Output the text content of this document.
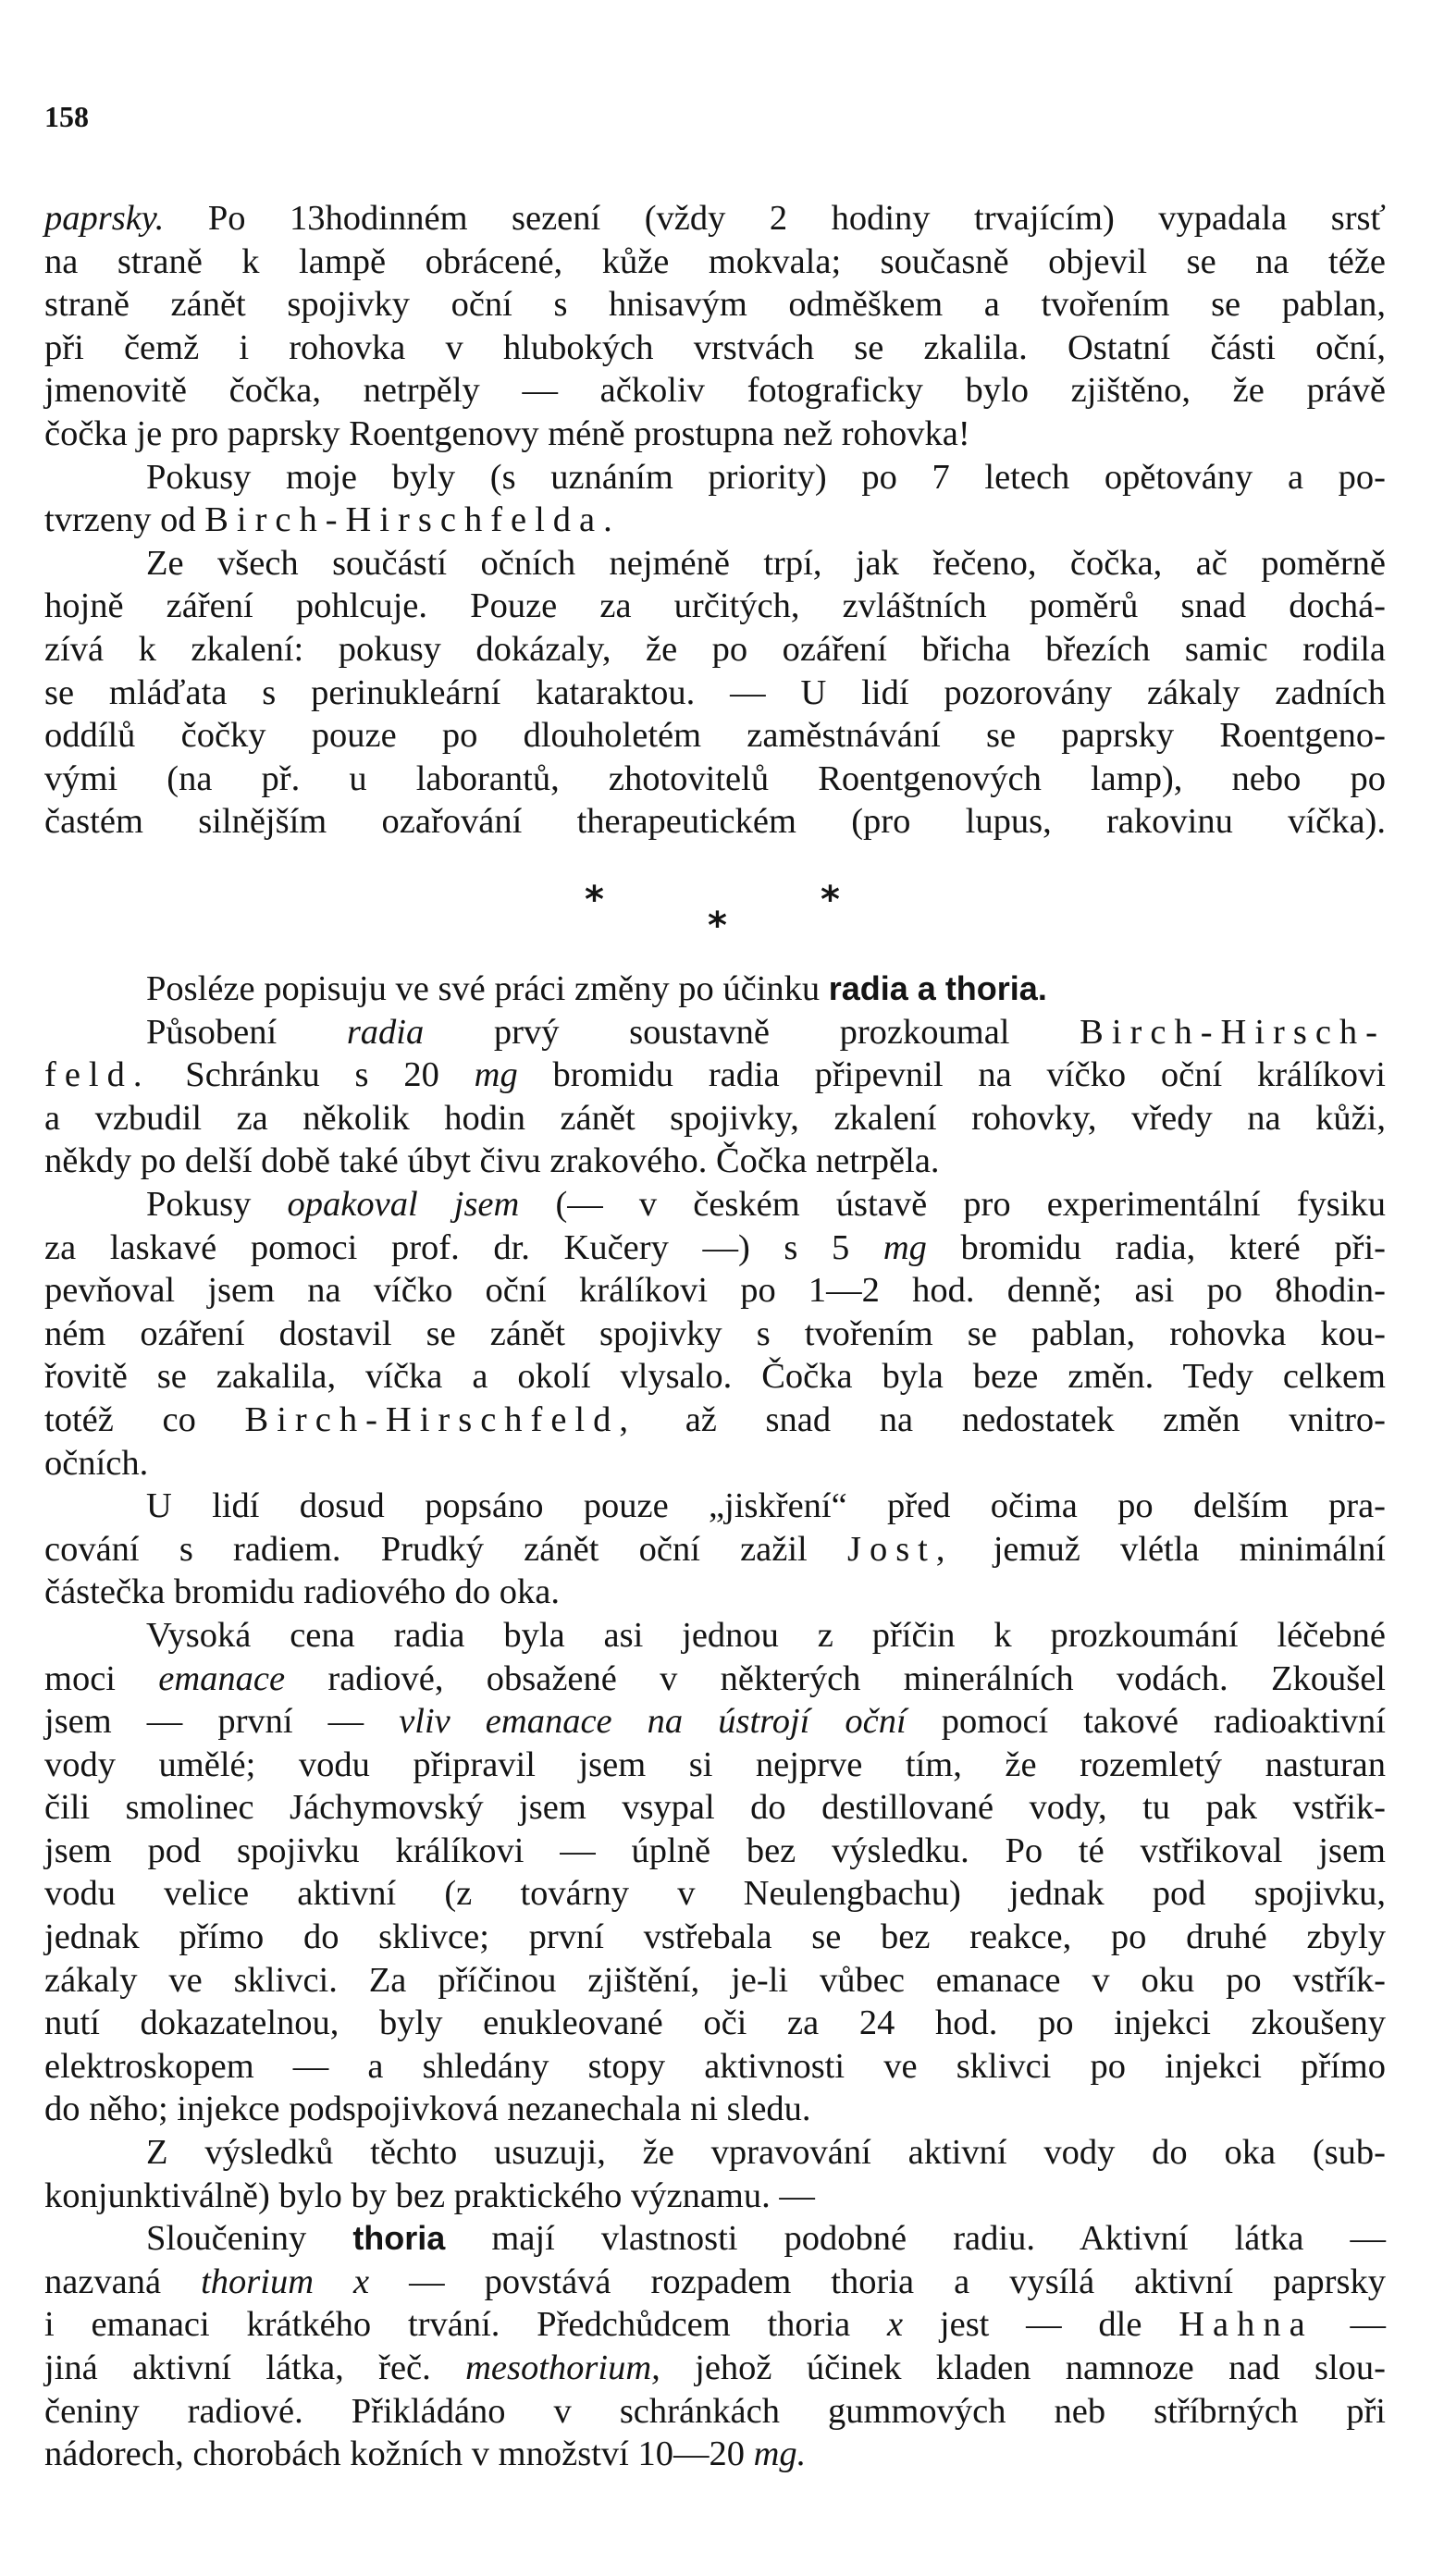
158
paprsky. Po 13hodinném sezení (vždy 2 hodiny trvajícím) vypadala srsť
na straně k lampě obrácené, kůže mokvala; současně objevil se na téže
straně zánět spojivky oční s hnisavým odměškem a tvořením se pablan,
při čemž i rohovka v hlubokých vrstvách se zkalila. Ostatní části oční,
jmenovitě čočka, netrpěly — ačkoliv fotograficky bylo zjištěno, že právě
čočka je pro paprsky Roentgenovy méně prostupna než rohovka!
Pokusy moje byly (s uznáním priority) po 7 letech opětovány a po-
tvrzeny od Birch-Hirschfelda.
Ze všech součástí očních nejméně trpí, jak řečeno, čočka, ač poměrně
hojně záření pohlcuje. Pouze za určitých, zvláštních poměrů snad dochá-
zívá k zkalení: pokusy dokázaly, že po ozáření břicha březích samic rodila
se mláďata s perinukleární kataraktou. — U lidí pozorovány zákaly zadních
oddílů čočky pouze po dlouholetém zaměstnávání se paprsky Roentgeno-
vými (na př. u laborantů, zhotovitelů Roentgenových lamp), nebo po
častém silnějším ozařování therapeutickém (pro lupus, rakovinu víčka).
*
*
*
Posléze popisuju ve své práci změny po účinku radia a thoria.
Působení radia prvý soustavně prozkoumal Birch-Hirsch-
feld. Schránku s 20 mg bromidu radia připevnil na víčko oční králíkovi
a vzbudil za několik hodin zánět spojivky, zkalení rohovky, vředy na kůži,
někdy po delší době také úbyt čivu zrakového. Čočka netrpěla.
Pokusy opakoval jsem (— v českém ústavě pro experimentální fysiku
za laskavé pomoci prof. dr. Kučery —) s 5 mg bromidu radia, které při-
pevňoval jsem na víčko oční králíkovi po 1—2 hod. denně; asi po 8hodin-
ném ozáření dostavil se zánět spojivky s tvořením se pablan, rohovka kou-
řovitě se zakalila, víčka a okolí vlysalo. Čočka byla beze změn. Tedy celkem
totéž co Birch-Hirschfeld, až snad na nedostatek změn vnitro-
očních.
U lidí dosud popsáno pouze „jiskření“ před očima po delším pra-
cování s radiem. Prudký zánět oční zažil Jost, jemuž vlétla minimální
částečka bromidu radiového do oka.
Vysoká cena radia byla asi jednou z příčin k prozkoumání léčebné
moci emanace radiové, obsažené v některých minerálních vodách. Zkoušel
jsem — první — vliv emanace na ústrojí oční pomocí takové radioaktivní
vody umělé; vodu připravil jsem si nejprve tím, že rozemletý nasturan
čili smolinec Jáchymovský jsem vsypal do destillované vody, tu pak vstřik-
jsem pod spojivku králíkovi — úplně bez výsledku. Po té vstřikoval jsem
vodu velice aktivní (z továrny v Neulengbachu) jednak pod spojivku,
jednak přímo do sklivce; první vstřebala se bez reakce, po druhé zbyly
zákaly ve sklivci. Za příčinou zjištění, je-li vůbec emanace v oku po vstřík-
nutí dokazatelnou, byly enukleované oči za 24 hod. po injekci zkoušeny
elektroskopem — a shledány stopy aktivnosti ve sklivci po injekci přímo
do něho; injekce podspojivková nezanechala ni sledu.
Z výsledků těchto usuzuji, že vpravování aktivní vody do oka (sub-
konjunktiválně) bylo by bez praktického významu. —
Sloučeniny thoria mají vlastnosti podobné radiu. Aktivní látka —
nazvaná thorium x — povstává rozpadem thoria a vysílá aktivní paprsky
i emanaci krátkého trvání. Předchůdcem thoria x jest — dle Hahna —
jiná aktivní látka, řeč. mesothorium, jehož účinek kladen namnoze nad slou-
čeniny radiové. Přikládáno v schránkách gummových neb stříbrných při
nádorech, chorobách kožních v množství 10—20 mg.
